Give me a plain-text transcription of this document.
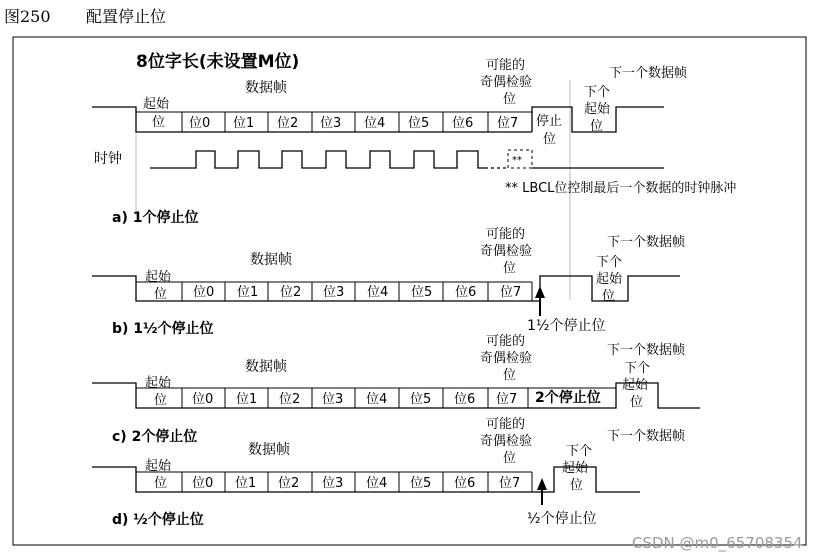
图250 配置停止位
8位字长(未设置M位)
数据帧
起始
位 位0 位1 位2 位3 位4 位5 位6 位7
可能的
奇偶检验
位
停止
位
下一个数据帧
下个
起始
位
时钟	**
** LBCL位控制最后一个数据的时钟脉冲
a) 1个停止位
数据帧
起始
位 位0 位1 位2 位3 位4 位5 位6 位7
可能的
奇偶检验
位
下一个数据帧
下个
起始
位
1½个停止位
b) 1½个停止位
数据帧
起始
位 位0 位1 位2 位3 位4 位5 位6 位7
可能的
奇偶检验
位
2个停止位
下一个数据帧
下个
起始
位
c) 2个停止位
数据帧
起始
位 位0 位1 位2 位3 位4 位5 位6 位7
可能的
奇偶检验
位
下一个数据帧
下个
起始
位
½个停止位
d) ½个停止位
CSDN @m0_65708354
